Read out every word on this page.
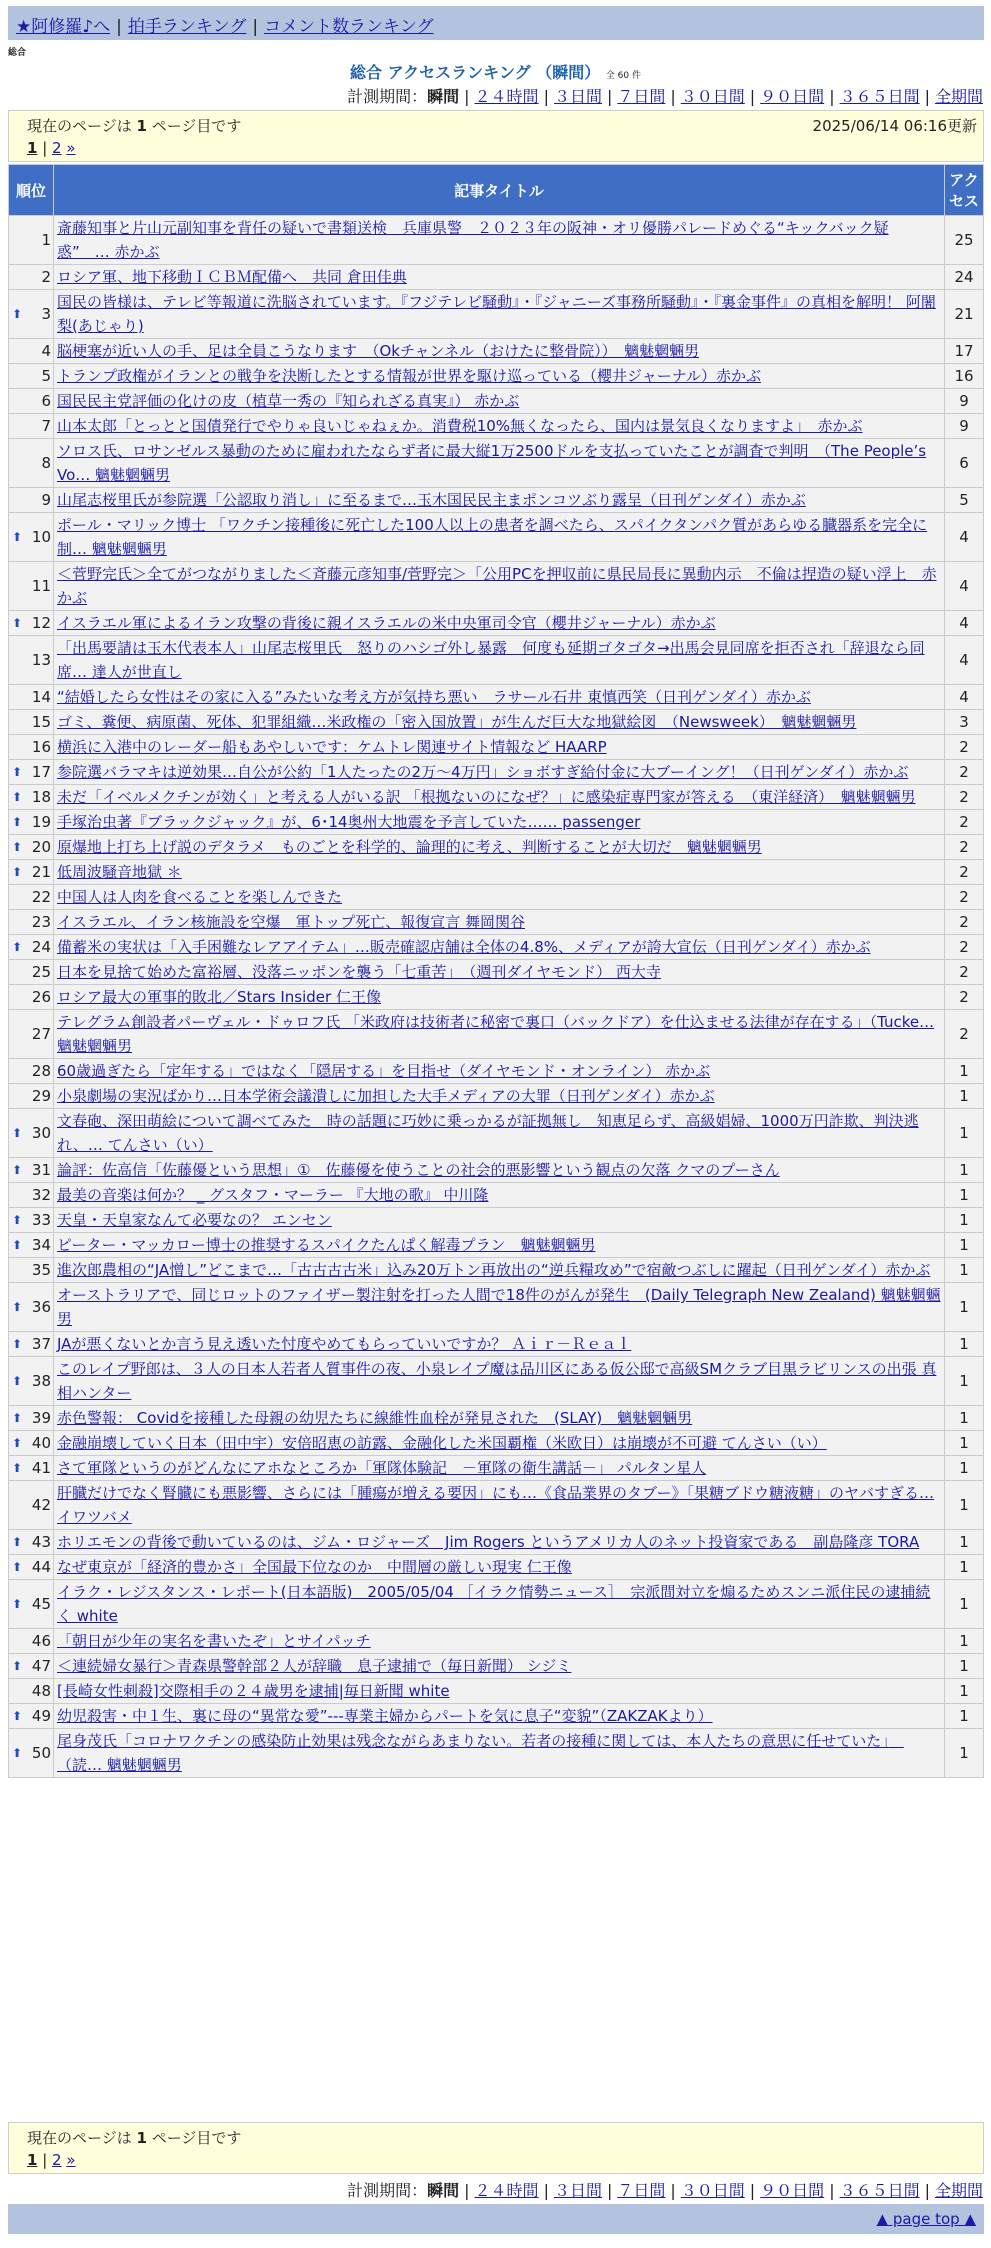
★阿修羅♪へ | 拍手ランキング | コメント数ランキング
総合
総合 アクセスランキング （瞬間） 全 60 件
計測期間：瞬間 | ２４時間 | ３日間 | ７日間 | ３０日間 | ９０日間 | ３６５日間 | 全期間
現在のページは 1 ページ目です	2025/06/14 06:16更新
1 | 2 »
順位	記事タイトル	アクセス
1	斎藤知事と片山元副知事を背任の疑いで書類送検　兵庫県警　２０２３年の阪神・オリ優勝パレードめぐる“キックバック疑惑”　… 赤かぶ	25
2	ロシア軍、地下移動ＩＣＢＭ配備へ　共同 倉田佳典	24

⬆ 3	国民の皆様は、テレビ等報道に洗脳されています。『フジテレビ騒動』・『ジャニーズ事務所騒動』・『裏金事件』の真相を解明！ 阿闍梨(あじゃり)	21
4	脳梗塞が近い人の手、足は全員こうなります　（Okチャンネル（おけたに整骨院））　魑魅魍魎男	17
5	トランプ政権がイランとの戦争を決断したとする情報が世界を駆け巡っている（櫻井ジャーナル）赤かぶ	16
6	国民民主党評価の化けの皮（植草一秀の『知られざる真実』） 赤かぶ	9
7	山本太郎「とっとと国債発行でやりゃ良いじゃねぇか。消費税10%無くなったら、国内は景気良くなりますよ」　赤かぶ	9
8	ソロス氏、ロサンゼルス暴動のために雇われたならず者に最大縦1万2500ドルを支払っていたことが調査で判明　（The People’s Vo… 魑魅魍魎男	6
9	山尾志桜里氏が参院選「公認取り消し」に至るまで…玉木国民民主まポンコツぶり露呈（日刊ゲンダイ）赤かぶ	5

⬆ 10	ポール・マリック博士 「ワクチン接種後に死亡した100人以上の患者を調べたら、スパイクタンパク質があらゆる臓器系を完全に制… 魑魅魍魎男	4
11	＜菅野完氏＞全てがつながりました＜斉藤元彦知事/菅野完＞「公用PCを押収前に県民局長に異動内示　不倫は捏造の疑い浮上　赤かぶ	4

⬆ 12	イスラエル軍によるイラン攻撃の背後に親イスラエルの米中央軍司令官（櫻井ジャーナル）赤かぶ	4
13	「出馬要請は玉木代表本人」山尾志桜里氏　怒りのハシゴ外し暴露　何度も延期ゴタゴタ→出馬会見同席を拒否され「辞退なら同席… 達人が世直し	4
14	“結婚したら女性はその家に入る”みたいな考え方が気持ち悪い　ラサール石井 東慎西笑（日刊ゲンダイ）赤かぶ	4
15	ゴミ、糞便、病原菌、死体、犯罪組織…米政権の「密入国放置」が生んだ巨大な地獄絵図　（Newsweek）　魑魅魍魎男	3
16	横浜に入港中のレーダー船もあやしいです：ケムトレ関連サイト情報など HAARP	2

⬆ 17	参院選バラマキは逆効果…自公が公約「1人たったの2万～4万円」ショボすぎ給付金に大ブーイング！（日刊ゲンダイ）赤かぶ	2

⬆ 18	未だ「イベルメクチンが効く」と考える人がいる訳 「根拠ないのになぜ？」に感染症専門家が答える　（東洋経済）　魑魅魍魎男	2

⬆ 19	手塚治虫著『ブラックジャック』が、6･14奥州大地震を予言していた…… passenger	2

⬆ 20	原爆地上打ち上げ説のデタラメ　ものごとを科学的、論理的に考え、判断することが大切だ　魑魅魍魎男	2

⬆ 21	低周波騒音地獄 ＊	2
22	中国人は人肉を食べることを楽しんできた	2
23	イスラエル、イラン核施設を空爆　軍トップ死亡、報復宣言 舞岡関谷	2

⬆ 24	備蓄米の実状は「入手困難なレアアイテム」…販売確認店舗は全体の4.8%、メディアが誇大宣伝（日刊ゲンダイ）赤かぶ	2
25	日本を見捨て始めた富裕層、没落ニッポンを襲う「七重苦」　（週刊ダイヤモンド） 西大寺	2
26	ロシア最大の軍事的敗北／Stars Insider 仁王像	2
27	テレグラム創設者パーヴェル・ドゥロフ氏 「米政府は技術者に秘密で裏口（バックドア）を仕込ませる法律が存在する」（Tucke… 魑魅魍魎男	2
28	60歳過ぎたら「定年する」ではなく「隠居する」を目指せ（ダイヤモンド・オンライン） 赤かぶ	1
29	小泉劇場の実況ばかり…日本学術会議潰しに加担した大手メディアの大罪（日刊ゲンダイ）赤かぶ	1

⬆ 30	文春砲、深田萌絵について調べてみた　時の話題に巧妙に乗っかるが証拠無し　知恵足らず、高級娼婦、1000万円詐欺、判決逃れ、… てんさい（い）	1

⬆ 31	論評：佐高信「佐藤優という思想」①　佐藤優を使うことの社会的悪影響という観点の欠落 クマのプーさん	1
32	最美の音楽は何か？ _ グスタフ・マーラー 『大地の歌』 中川隆	1

⬆ 33	天皇・天皇家なんて必要なの？ エンセン	1

⬆ 34	ピーター・マッカロー博士の推奨するスパイクたんぱく解毒プラン　魑魅魍魎男	1
35	進次郎農相の“JA憎し”どこまで…「古古古古米」込み20万トン再放出の“逆兵糧攻め”で宿敵つぶしに躍起（日刊ゲンダイ）赤かぶ	1

⬆ 36	オーストラリアで、同じロットのファイザー製注射を打った人間で18件のがんが発生　(Daily Telegraph New Zealand) 魑魅魍魎男	1

⬆ 37	JAが悪くないとか言う見え透いた忖度やめてもらっていいですか？ Ａｉｒ－Ｒｅａｌ	1

⬆ 38	このレイプ野郎は、３人の日本人若者人質事件の夜、小泉レイプ魔は品川区にある仮公邸で高級SMクラブ目黒ラビリンスの出張 真相ハンター	1

⬆ 39	赤色警報： Covidを接種した母親の幼児たちに線維性血栓が発見された　(SLAY)　魑魅魍魎男	1

⬆ 40	金融崩壊していく日本（田中宇）安倍昭恵の訪露、金融化した米国覇権（米欧日）は崩壊が不可避 てんさい（い）	1

⬆ 41	さて軍隊というのがどんなにアホなところか「軍隊体験記　－軍隊の衛生講話－」 パルタン星人	1
42	肝臓だけでなく腎臓にも悪影響、さらには「腫瘍が増える要因」にも…《食品業界のタブー》「果糖ブドウ糖液糖」のヤバすぎる… イワツバメ	1

⬆ 43	ホリエモンの背後で動いているのは、ジム・ロジャーズ　Jim Rogers というアメリカ人のネット投資家である　副島隆彦 TORA	1

⬆ 44	なぜ東京が「経済的豊かさ」全国最下位なのか　中間層の厳しい現実 仁王像	1

⬆ 45	イラク・レジスタンス・レポート(日本語版)　2005/05/04 ［イラク情勢ニュース］　宗派間対立を煽るためスンニ派住民の逮捕続く white	1
46	「朝日が少年の実名を書いたぞ」とサイパッチ	1

⬆ 47	＜連続婦女暴行＞青森県警幹部２人が辞職　息子逮捕で（毎日新聞） シジミ	1
48	[長崎女性刺殺]交際相手の２４歳男を逮捕|毎日新聞 white	1

⬆ 49	幼児殺害・中１生、裏に母の“異常な愛”---専業主婦からパートを気に息子“変貌”（ZAKZAKより）	1

⬆ 50	尾身茂氏「コロナワクチンの感染防止効果は残念ながらあまりない。若者の接種に関しては、本人たちの意思に任せていた」　（読… 魑魅魍魎男	1
現在のページは 1 ページ目です
1 | 2 »
計測期間：瞬間 | ２４時間 | ３日間 | ７日間 | ３０日間 | ９０日間 | ３６５日間 | 全期間
▲ page top ▲
